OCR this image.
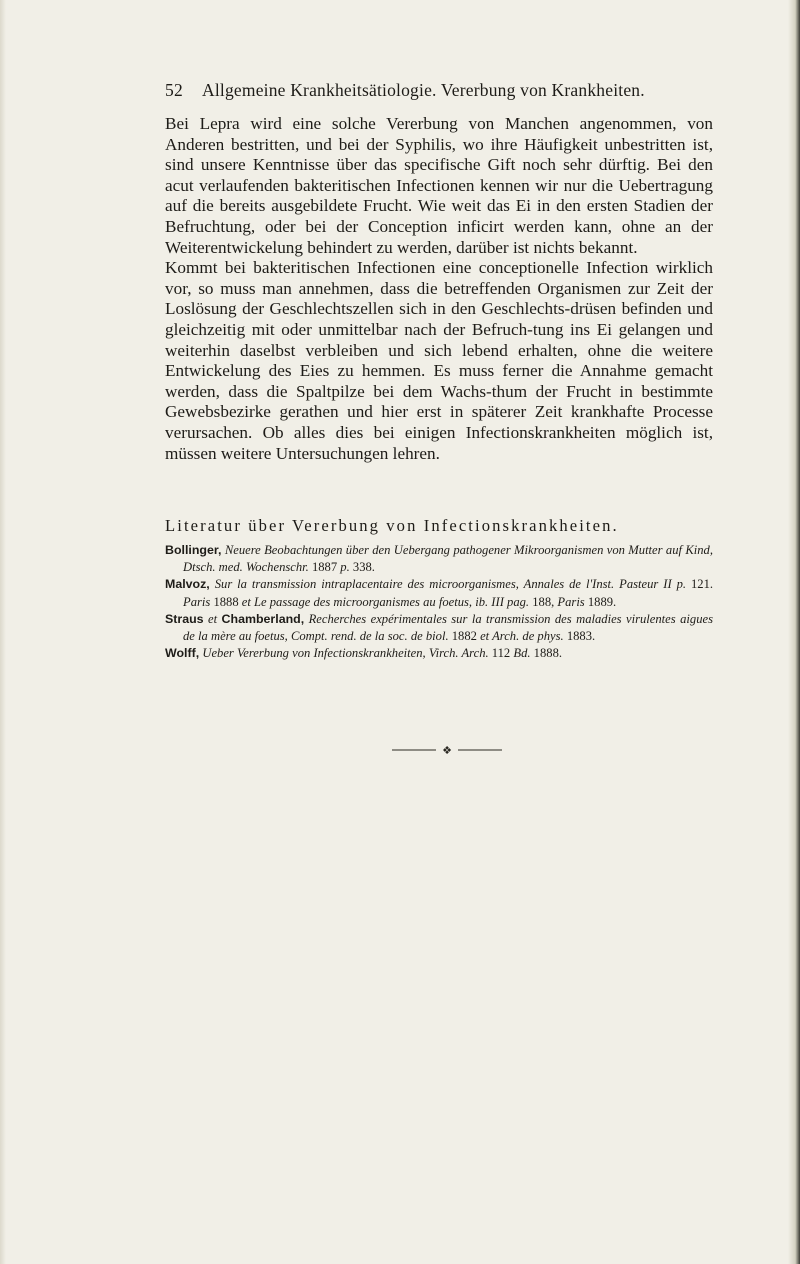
52 Allgemeine Krankheitsätiologie. Vererbung von Krankheiten.

Bei Lepra wird eine solche Vererbung von Manchen angenommen, von Anderen bestritten, und bei der Syphilis, wo ihre Häufigkeit unbestritten ist, sind unsere Kenntnisse über das specifische Gift noch sehr dürftig. Bei den acut verlaufenden bakteritischen Infectionen kennen wir nur die Uebertragung auf die bereits ausgebildete Frucht. Wie weit das Ei in den ersten Stadien der Befruchtung, oder bei der Conception inficirt werden kann, ohne an der Weiterentwickelung behindert zu werden, darüber ist nichts bekannt.

Kommt bei bakteritischen Infectionen eine conceptionelle Infection wirklich vor, so muss man annehmen, dass die betreffenden Organismen zur Zeit der Loslösung der Geschlechtszellen sich in den Geschlechts-drüsen befinden und gleichzeitig mit oder unmittelbar nach der Befruch-tung ins Ei gelangen und weiterhin daselbst verbleiben und sich lebend erhalten, ohne die weitere Entwickelung des Eies zu hemmen. Es muss ferner die Annahme gemacht werden, dass die Spaltpilze bei dem Wachs-thum der Frucht in bestimmte Gewebsbezirke gerathen und hier erst in späterer Zeit krankhafte Processe verursachen. Ob alles dies bei einigen Infectionskrankheiten möglich ist, müssen weitere Untersuchungen lehren.

Literatur über Vererbung von Infectionskrankheiten.

Bollinger, Neuere Beobachtungen über den Uebergang pathogener Mikroorganismen von Mutter auf Kind, Dtsch. med. Wochenschr. 1887 p. 338.

Malvoz, Sur la transmission intraplacentaire des microorganismes, Annales de l'Inst. Pasteur II p. 121. Paris 1888 et Le passage des microorganismes au foetus, ib. III pag. 188, Paris 1889.

Straus et Chamberland, Recherches expérimentales sur la transmission des maladies virulentes aigues de la mère au foetus, Compt. rend. de la soc. de biol. 1882 et Arch. de phys. 1883.

Wolff, Ueber Vererbung von Infectionskrankheiten, Virch. Arch. 112 Bd. 1888.

❖
